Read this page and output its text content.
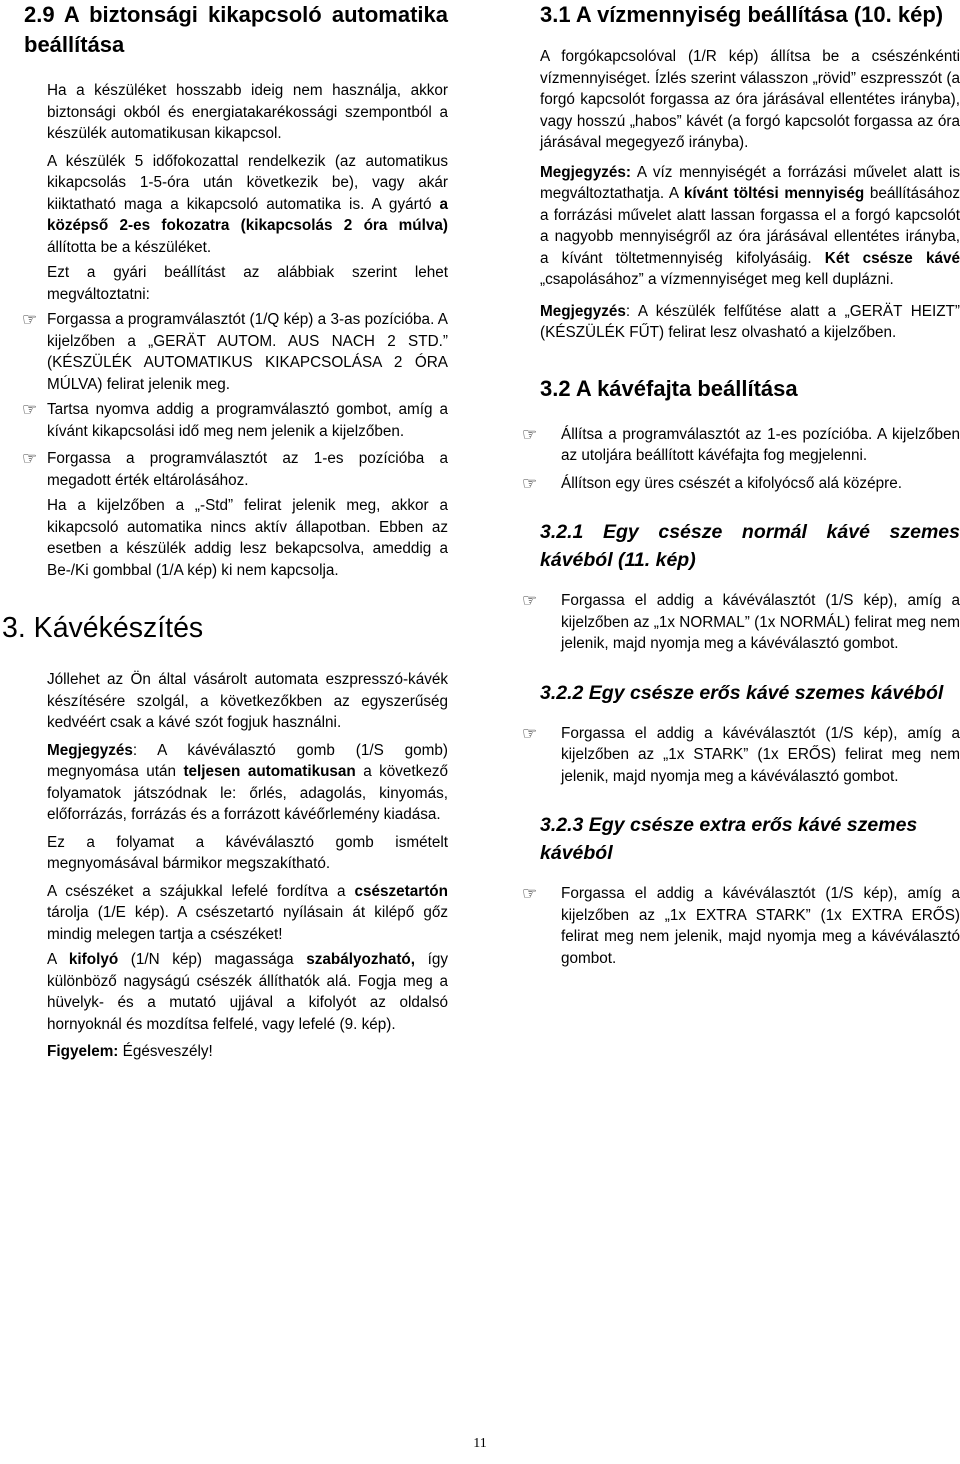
2.9 A biztonsági kikapcsoló automatika beállítása

Ha a készüléket hosszabb ideig nem használja, akkor biztonsági okból és energiatakarékossági szempontból a készülék automatikusan kikapcsol.

A készülék 5 időfokozattal rendelkezik (az automatikus kikapcsolás 1-5-óra után következik be), vagy akár kiiktatható maga a kikapcsoló automatika is. A gyártó a középső 2-es fokozatra (kikapcsolás 2 óra múlva) állította be a készüléket.

Ezt a gyári beállítást az alábbiak szerint lehet megváltoztatni:

☞ Forgassa a programválasztót (1/Q kép) a 3-as pozícióba. A kijelzőben a „GERÄT AUTOM. AUS NACH 2 STD.” (KÉSZÜLÉK AUTOMATIKUS KIKAPCSOLÁSA 2 ÓRA MÚLVA) felirat jelenik meg.
☞ Tartsa nyomva addig a programválasztó gombot, amíg a kívánt kikapcsolási idő meg nem jelenik a kijelzőben.
☞ Forgassa a programválasztót az 1-es pozícióba a megadott érték eltárolásához.

Ha a kijelzőben a „-Std” felirat jelenik meg, akkor a kikapcsoló automatika nincs aktív állapotban. Ebben az esetben a készülék addig lesz bekapcsolva, ameddig a Be-/Ki gombbal (1/A kép) ki nem kapcsolja.

3. Kávékészítés

Jóllehet az Ön által vásárolt automata eszpresszó-kávék készítésére szolgál, a következőkben az egyszerűség kedvéért csak a kávé szót fogjuk használni.

Megjegyzés: A kávéválasztó gomb (1/S gomb) megnyomása után teljesen automatikusan a következő folyamatok játszódnak le: őrlés, adagolás, kinyomás, előforrázás, forrázás és a forrázott kávéőrlemény kiadása.

Ez a folyamat a kávéválasztó gomb ismételt megnyomásával bármikor megszakítható.

A csészéket a szájukkal lefelé fordítva a csészetartón tárolja (1/E kép). A csészetartó nyílásain át kilépő gőz mindig melegen tartja a csészéket!

A kifolyó (1/N kép) magassága szabályozható, így különböző nagyságú csészék állíthatók alá. Fogja meg a hüvelyk- és a mutató ujjával a kifolyót az oldalsó hornyoknál és mozdítsa felfelé, vagy lefelé (9. kép).

Figyelem: Égésveszély!

3.1 A vízmennyiség beállítása (10. kép)

A forgókapcsolóval (1/R kép) állítsa be a csészénkénti vízmennyiséget. Ízlés szerint válasszon „rövid” eszpresszót (a forgó kapcsolót forgassa az óra járásával ellentétes irányba), vagy hosszú „habos” kávét (a forgó kapcsolót forgassa az óra járásával megegyező irányba).

Megjegyzés: A víz mennyiségét a forrázási művelet alatt is megváltoztathatja. A kívánt töltési mennyiség beállításához a forrázási művelet alatt lassan forgassa el a forgó kapcsolót a nagyobb mennyiségről az óra járásával ellentétes irányba, a kívánt töltetmennyiség kifolyásáig. Két csésze kávé „csapolásához” a vízmennyiséget meg kell duplázni.

Megjegyzés: A készülék felfűtése alatt a „GERÄT HEIZT” (KÉSZÜLÉK FŰT) felirat lesz olvasható a kijelzőben.

3.2 A kávéfajta beállítása
☞ Állítsa a programválasztót az 1-es pozícióba. A kijelzőben az utoljára beállított kávéfajta fog megjelenni.
☞ Állítson egy üres csészét a kifolyócső alá középre.
3.2.1 Egy csésze normál kávé szemes kávéból (11. kép)
☞ Forgassa el addig a kávéválasztót (1/S kép), amíg a kijelzőben az „1x NORMAL” (1x NORMÁL) felirat meg nem jelenik, majd nyomja meg a kávéválasztó gombot.
3.2.2 Egy csésze erős kávé szemes kávéból
☞ Forgassa el addig a kávéválasztót (1/S kép), amíg a kijelzőben az „1x STARK” (1x ERŐS) felirat meg nem jelenik, majd nyomja meg a kávéválasztó gombot.
3.2.3 Egy csésze extra erős kávé szemes kávéból
☞ Forgassa el addig a kávéválasztót (1/S kép), amíg a kijelzőben az „1x EXTRA STARK” (1x EXTRA ERŐS) felirat meg nem jelenik, majd nyomja meg a kávéválasztó gombot.
11
